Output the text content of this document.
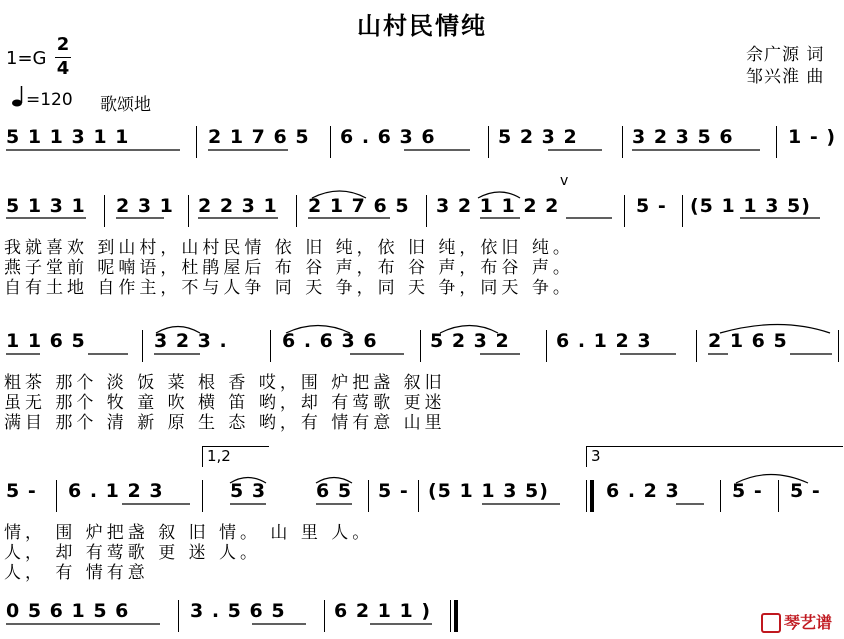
山村民情纯
佘广源 词
邹兴淮 曲
1=G
2
4
=120 歌颂地
5 1 1 3 1 1	2 1 7 6 5 6 . 6 3 6	5 2 3 2	3 2 3 5 6	1 - )
5 1 3 1 2 3 1 2 2 3 1 2 1 7 6 5 3 2 1 1 2 2	5 - (5 1 1 3 5)
v
我就喜欢 到山村，山村民情 依 旧 纯，依 旧 纯，依旧 纯。
燕子堂前 呢喃语，杜鹃屋后 布 谷 声，布 谷 声，布谷 声。
自有土地 自作主，不与人争 同 天 争，同 天 争，同天 争。
1 1 6 5	3 2 3 .	6 . 6 3 6	5 2 3 2 6 . 1 2 3	2 1 6 5
粗茶 那个 淡 饭 菜 根 香 哎，围 炉把盏 叙旧
虽无 那个 牧 童 吹 横 笛 哟，却 有莺歌 更迷
满目 那个 清 新 原 生 态 哟，有 情有意 山里
1,2	3
5 - 6 . 1 2 3	5 3	6 5 5 - (5 1 1 3 5)	6 . 2 3	5 - 5 -
情， 围 炉把盏 叙 旧 情。 山 里 人。
人， 却 有莺歌 更 迷 人。
人， 有 情有意
0 5 6 1 5 6	3 . 5 6 5	6 2 1 1 )	琴艺谱
